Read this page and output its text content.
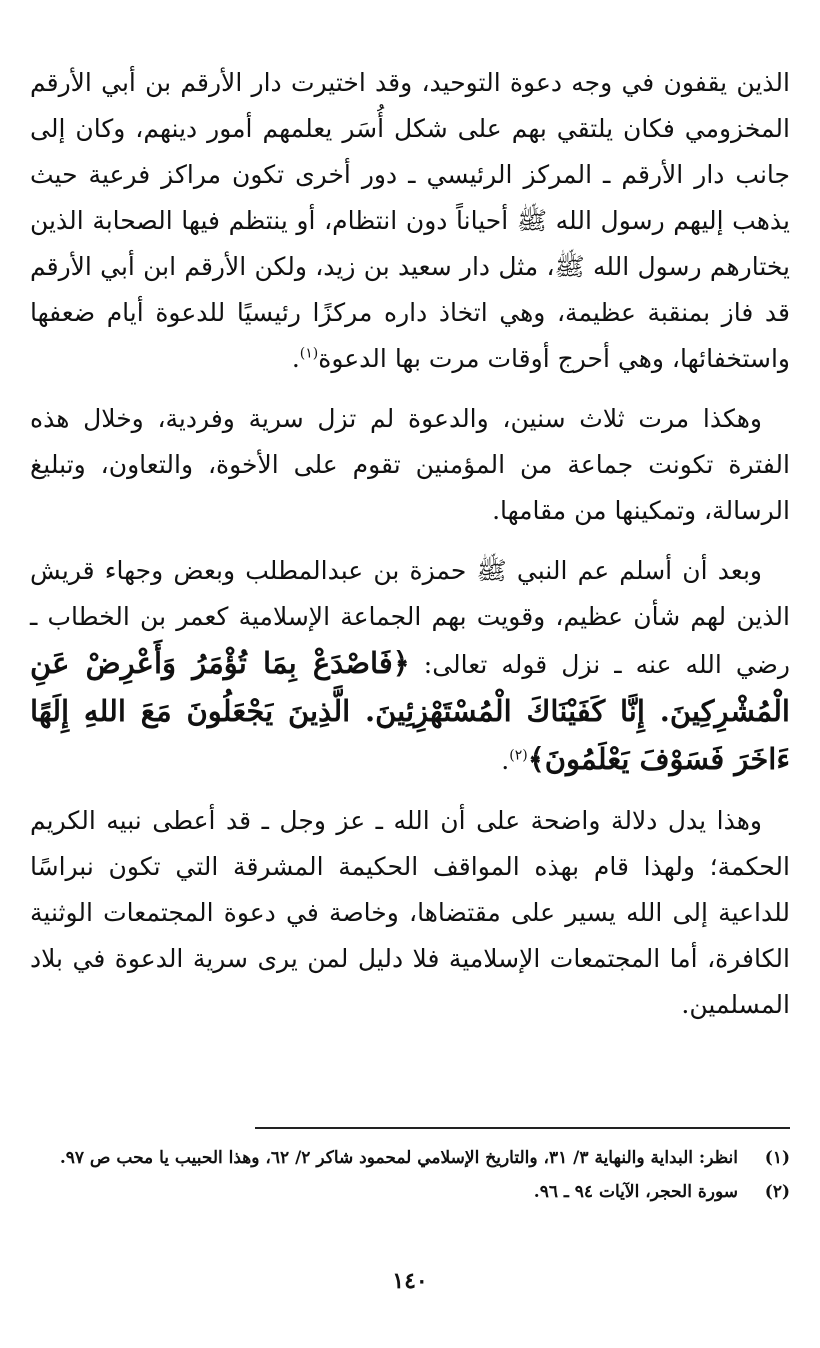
الذين يقفون في وجه دعوة التوحيد، وقد اختيرت دار الأرقم بن أبي الأرقم المخزومي فكان يلتقي بهم على شكل أُسَر يعلمهم أمور دينهم، وكان إلى جانب دار الأرقم ـ المركز الرئيسي ـ دور أخرى تكون مراكز فرعية حيث يذهب إليهم رسول الله ﷺ أحياناً دون انتظام، أو ينتظم فيها الصحابة الذين يختارهم رسول الله ﷺ، مثل دار سعيد بن زيد، ولكن الأرقم ابن أبي الأرقم قد فاز بمنقبة عظيمة، وهي اتخاذ داره مركزًا رئيسيًا للدعوة أيام ضعفها واستخفائها، وهي أحرج أوقات مرت بها الدعوة$^{(١)}$.

وهكذا مرت ثلاث سنين، والدعوة لم تزل سرية وفردية، وخلال هذه الفترة تكونت جماعة من المؤمنين تقوم على الأخوة، والتعاون، وتبليغ الرسالة، وتمكينها من مقامها.

وبعد أن أسلم عم النبي ﷺ حمزة بن عبدالمطلب وبعض وجهاء قريش الذين لهم شأن عظيم، وقويت بهم الجماعة الإسلامية كعمر بن الخطاب ـ رضي الله عنه ـ نزل قوله تعالى: ﴿فَاصْدَعْ بِمَا تُؤْمَرُ وَأَعْرِضْ عَنِ الْمُشْرِكِينَ. إِنَّا كَفَيْنَاكَ الْمُسْتَهْزِئِينَ. الَّذِينَ يَجْعَلُونَ مَعَ اللهِ إِلَهًا ءَاخَرَ فَسَوْفَ يَعْلَمُونَ﴾$^{(٢)}$.

وهذا يدل دلالة واضحة على أن الله ـ عز وجل ـ قد أعطى نبيه الكريم الحكمة؛ ولهذا قام بهذه المواقف الحكيمة المشرقة التي تكون نبراسًا للداعية إلى الله يسير على مقتضاها، وخاصة في دعوة المجتمعات الوثنية الكافرة، أما المجتمعات الإسلامية فلا دليل لمن يرى سرية الدعوة في بلاد المسلمين.

(١)
انظر: البداية والنهاية ٣/ ٣١، والتاريخ الإسلامي لمحمود شاكر ٢/ ٦٢، وهذا الحبيب يا محب ص ٩٧.
(٢)
سورة الحجر، الآيات ٩٤ ـ ٩٦.
١٤٠
